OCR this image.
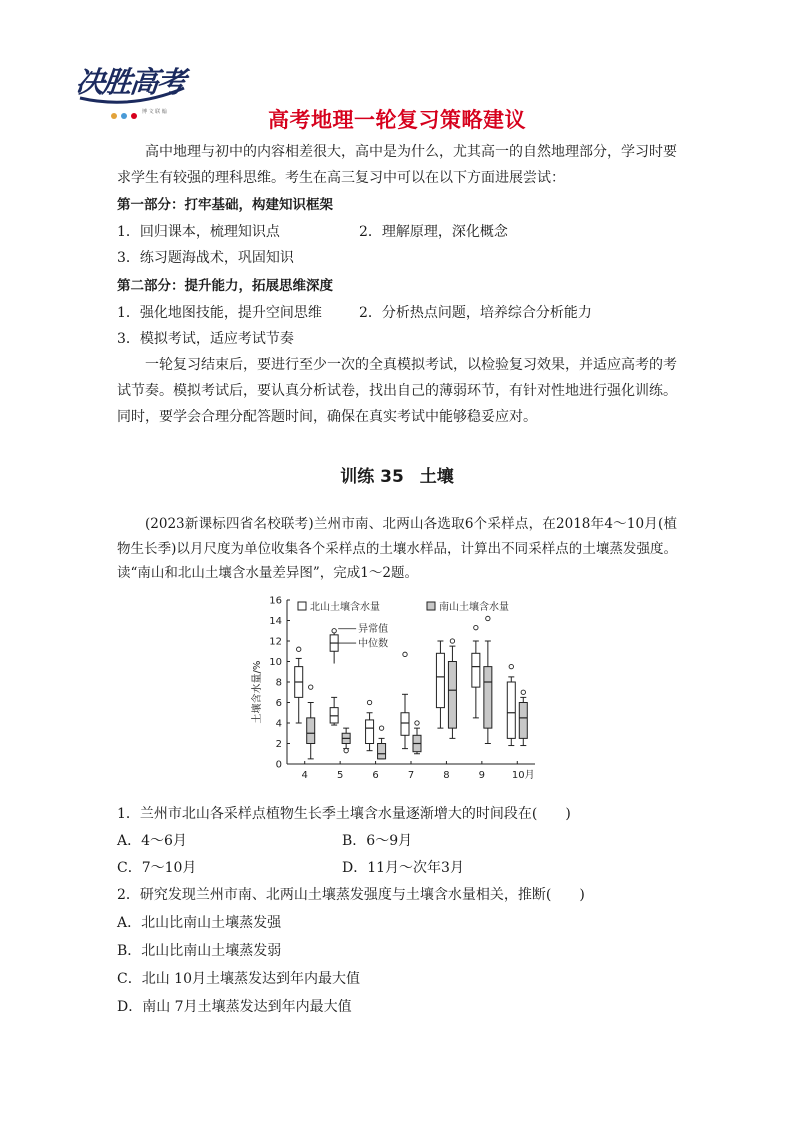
决胜高考
博 文 联 翰	高考地理一轮复习策略建议
高中地理与初中的内容相差很大，高中是为什么，尤其高一的自然地理部分，学习时要求学生有较强的理科思维。考生在高三复习中可以在以下方面进展尝试：
第一部分：打牢基础，构建知识框架
1．回归课本，梳理知识点	2．理解原理，深化概念
3．练习题海战术，巩固知识
第二部分：提升能力，拓展思维深度
1．强化地图技能，提升空间思维	2．分析热点问题，培养综合分析能力
3．模拟考试，适应考试节奏
一轮复习结束后，要进行至少一次的全真模拟考试，以检验复习效果，并适应高考的考试节奏。模拟考试后，要认真分析试卷，找出自己的薄弱环节，有针对性地进行强化训练。同时，要学会合理分配答题时间，确保在真实考试中能够稳妥应对。
训练 35 土壤
(2023新课标四省名校联考)兰州市南、北两山各选取6个采样点，在2018年4～10月(植物生长季)以月尺度为单位收集各个采样点的土壤水样品，计算出不同采样点的土壤蒸发强度。读“南山和北山土壤含水量差异图”，完成1～2题。
0
2
4
6
8
10
12
14
16
土壤含水量/%
4	5	6	7	8	9	10月
北山土壤含水量	南山土壤含水量
异常值
中位数
1．兰州市北山各采样点植物生长季土壤含水量逐渐增大的时间段在(　　)
A．4～6月	B．6～9月
C．7～10月	D．11月～次年3月
2．研究发现兰州市南、北两山土壤蒸发强度与土壤含水量相关，推断(　　)
A．北山比南山土壤蒸发强
B．北山比南山土壤蒸发弱
C．北山 10月土壤蒸发达到年内最大值
D．南山 7月土壤蒸发达到年内最大值
